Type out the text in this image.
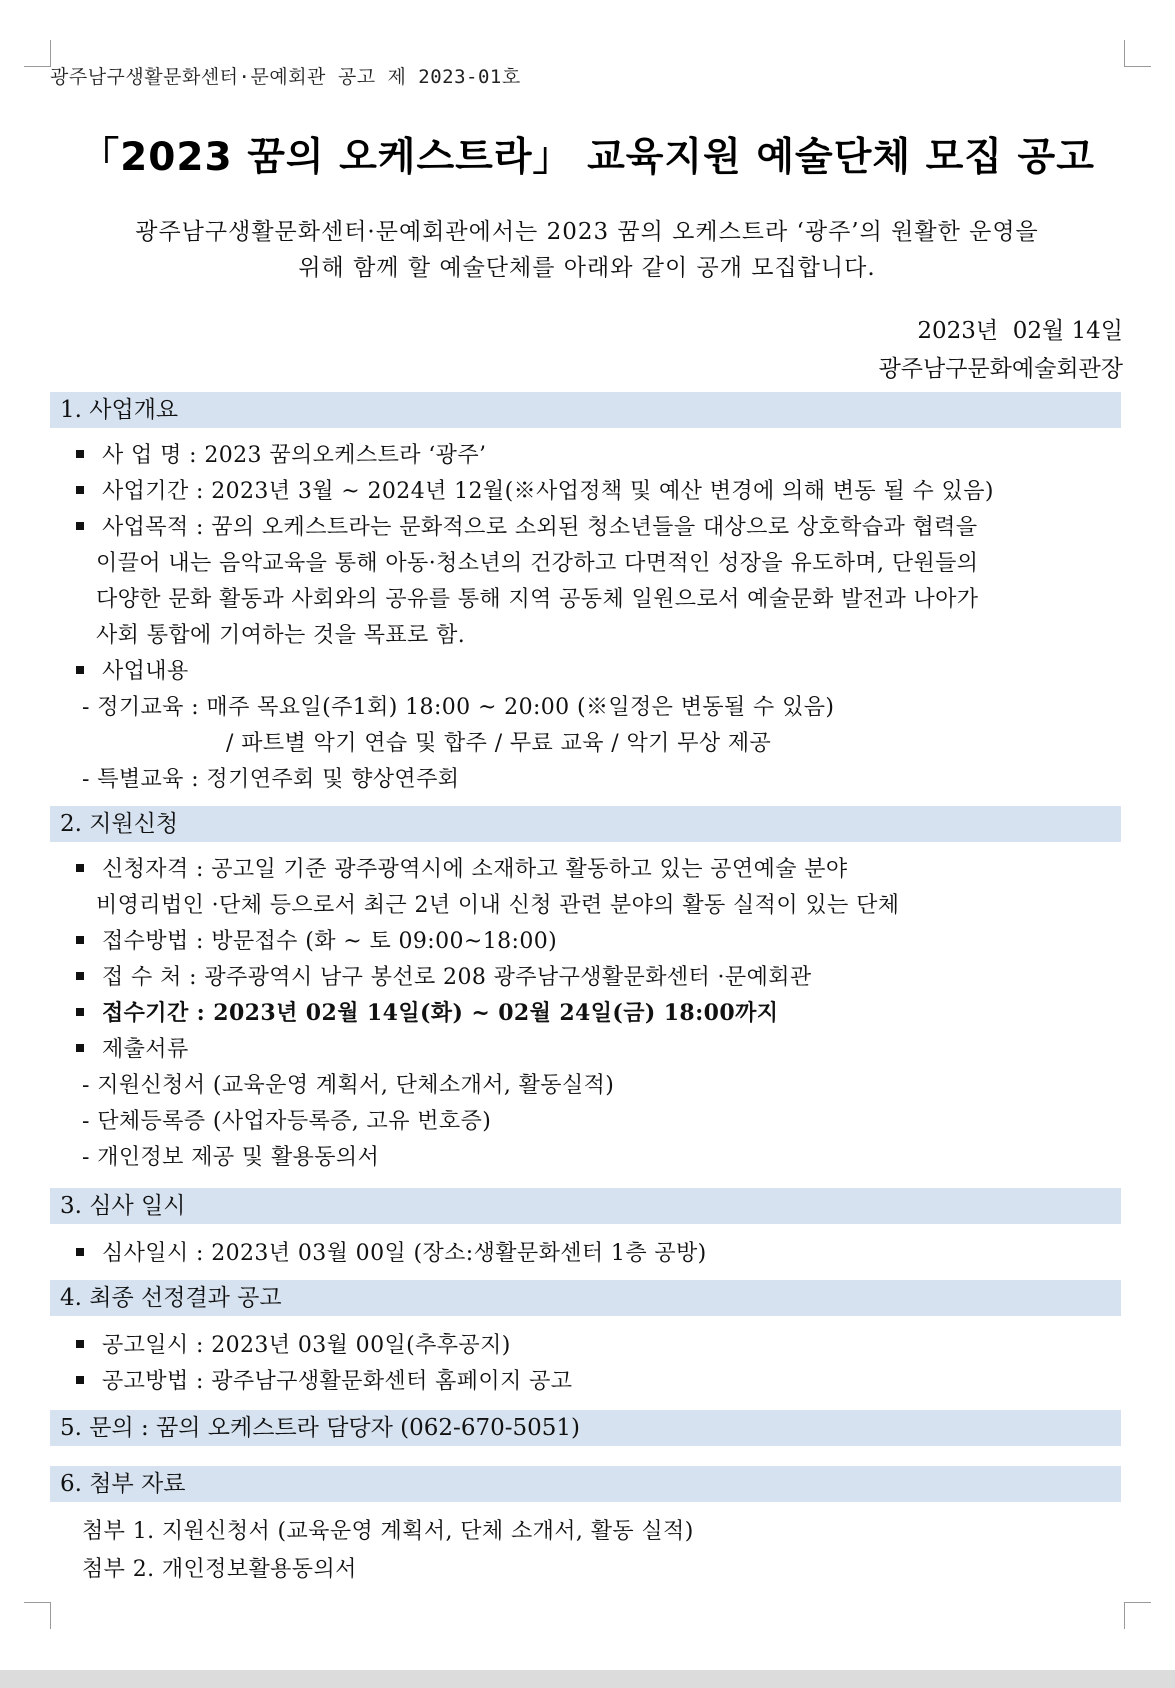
광주남구생활문화센터·문예회관 공고 제 2023-01호
「2023 꿈의 오케스트라」 교육지원 예술단체 모집 공고
광주남구생활문화센터·문예회관에서는 2023 꿈의 오케스트라 ‘광주’의 원활한 운영을
위해 함께 할 예술단체를 아래와 같이 공개 모집합니다.
2023년  02월 14일
광주남구문화예술회관장
1. 사업개요
사 업 명 : 2023 꿈의오케스트라 ‘광주’
사업기간 : 2023년 3월 ~ 2024년 12월(※사업정책 및 예산 변경에 의해 변동 될 수 있음)
사업목적 : 꿈의 오케스트라는 문화적으로 소외된 청소년들을 대상으로 상호학습과 협력을
이끌어 내는 음악교육을 통해 아동·청소년의 건강하고 다면적인 성장을 유도하며, 단원들의
다양한 문화 활동과 사회와의 공유를 통해 지역 공동체 일원으로서 예술문화 발전과 나아가
사회 통합에 기여하는 것을 목표로 함.
사업내용
- 정기교육 : 매주 목요일(주1회) 18:00 ~ 20:00 (※일정은 변동될 수 있음)
/ 파트별 악기 연습 및 합주 / 무료 교육 / 악기 무상 제공
- 특별교육 : 정기연주회 및 향상연주회
2. 지원신청
신청자격 : 공고일 기준 광주광역시에 소재하고 활동하고 있는 공연예술 분야
비영리법인 ·단체 등으로서 최근 2년 이내 신청 관련 분야의 활동 실적이 있는 단체
접수방법 : 방문접수 (화 ~ 토 09:00~18:00)
접 수 처 : 광주광역시 남구 봉선로 208 광주남구생활문화센터 ·문예회관
접수기간 : 2023년 02월 14일(화) ~ 02월 24일(금) 18:00까지
제출서류
- 지원신청서 (교육운영 계획서, 단체소개서, 활동실적)
- 단체등록증 (사업자등록증, 고유 번호증)
- 개인정보 제공 및 활용동의서
3. 심사 일시
심사일시 : 2023년 03월 00일 (장소:생활문화센터 1층 공방)
4. 최종 선정결과 공고
공고일시 : 2023년 03월 00일(추후공지)
공고방법 : 광주남구생활문화센터 홈페이지 공고
5. 문의 : 꿈의 오케스트라 담당자 (062-670-5051)
6. 첨부 자료
첨부 1. 지원신청서 (교육운영 계획서, 단체 소개서, 활동 실적)
첨부 2. 개인정보활용동의서
